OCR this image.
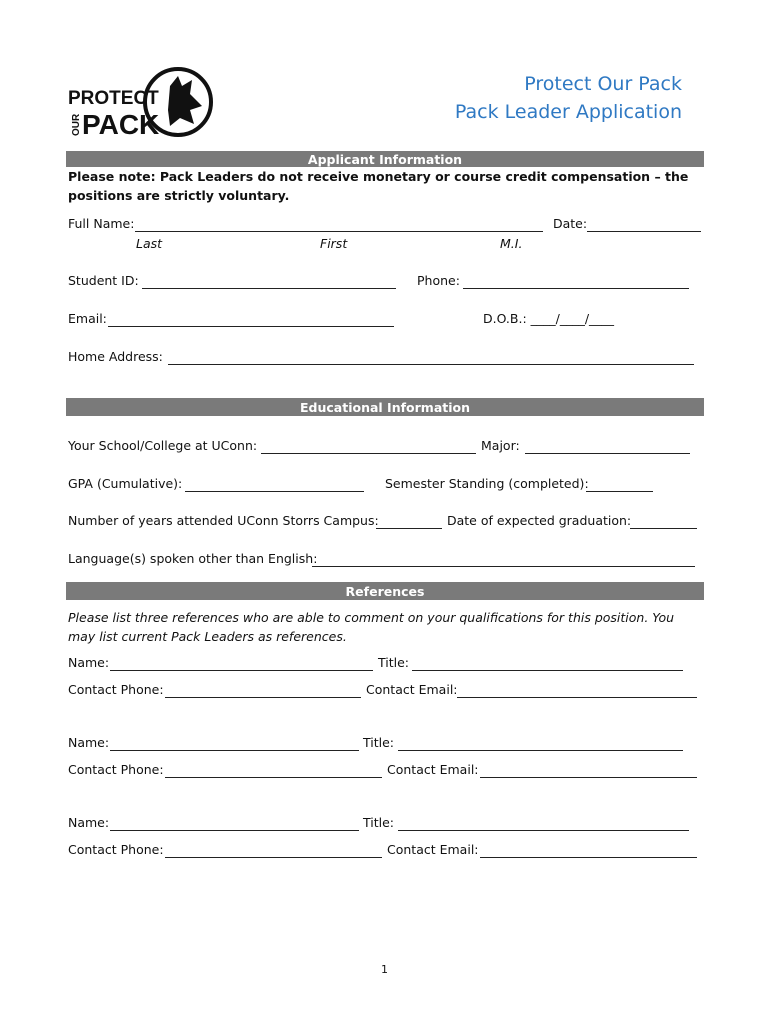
PROTECT
PACK
OUR
Protect Our Pack
Pack Leader Application
Applicant Information
Please note: Pack Leaders do not receive monetary or course credit compensation – the positions are strictly voluntary.
Full Name:	Date:
Last	First	M.I.
Student ID:	Phone:
Email:	D.O.B.: ____/____/____
Home Address:
Educational Information
Your School/College at UConn:	Major:
GPA (Cumulative):	Semester Standing (completed):
Number of years attended UConn Storrs Campus:	Date of expected graduation:
Language(s) spoken other than English:
References
Please list three references who are able to comment on your qualifications for this position. You may list current Pack Leaders as references.
Name:	Title:
Contact Phone:	Contact Email:
Name:	Title:
Contact Phone:	Contact Email:
Name:	Title:
Contact Phone:	Contact Email:
1
